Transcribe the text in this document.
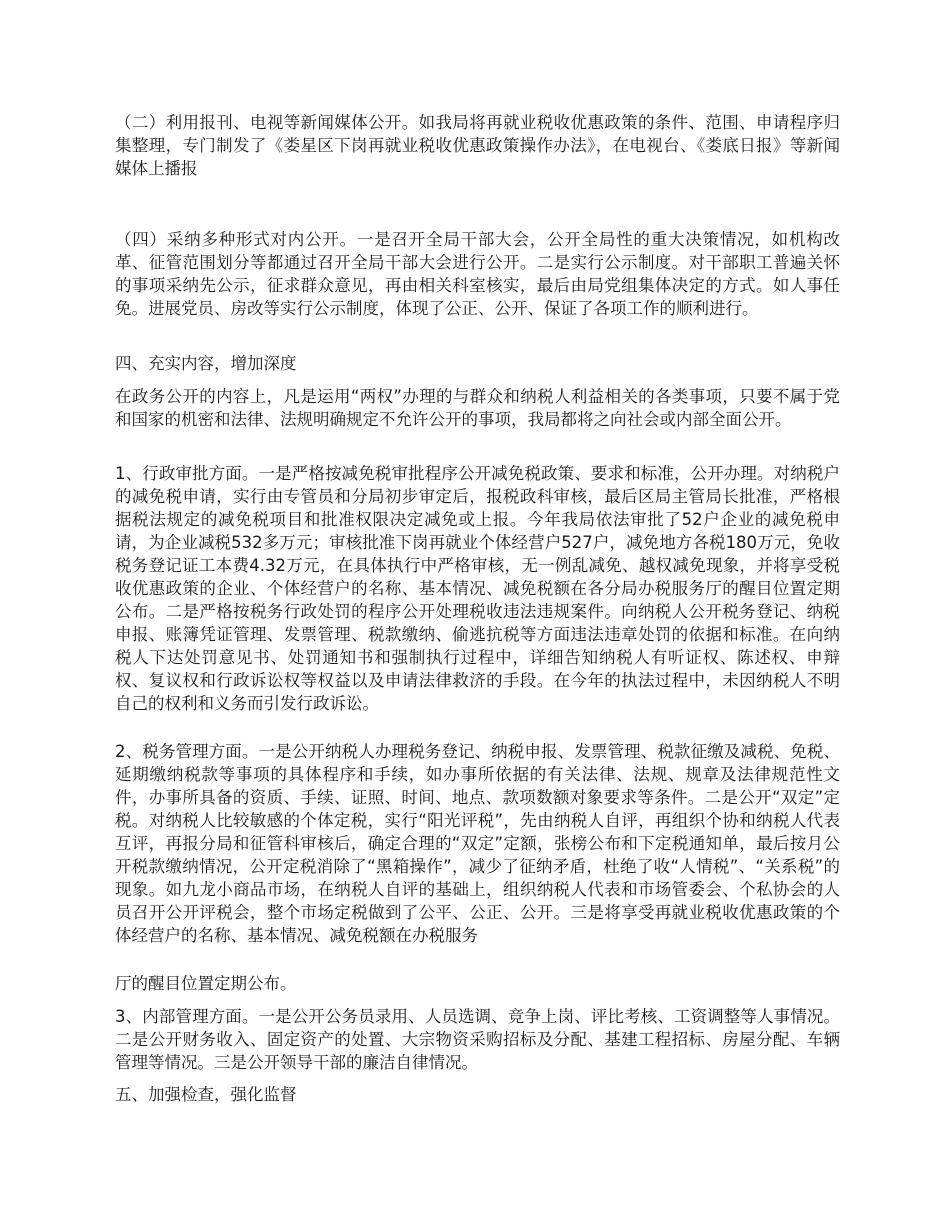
（二）利用报刊、电视等新闻媒体公开。如我局将再就业税收优惠政策的条件、范围、申请程序归集整理，专门制发了《娄星区下岗再就业税收优惠政策操作办法》，在电视台、《娄底日报》等新闻媒体上播报

（四）采纳多种形式对内公开。一是召开全局干部大会，公开全局性的重大决策情况，如机构改革、征管范围划分等都通过召开全局干部大会进行公开。二是实行公示制度。对干部职工普遍关怀的事项采纳先公示，征求群众意见，再由相关科室核实，最后由局党组集体决定的方式。如人事任免。进展党员、房改等实行公示制度，体现了公正、公开、保证了各项工作的顺利进行。

四、充实内容，增加深度

在政务公开的内容上，凡是运用“两权”办理的与群众和纳税人利益相关的各类事项，只要不属于党和国家的机密和法律、法规明确规定不允许公开的事项，我局都将之向社会或内部全面公开。

1、行政审批方面。一是严格按减免税审批程序公开减免税政策、要求和标准，公开办理。对纳税户的减免税申请，实行由专管员和分局初步审定后，报税政科审核，最后区局主管局长批准，严格根据税法规定的减免税项目和批准权限决定减免或上报。今年我局依法审批了52户企业的减免税申请，为企业减税532多万元；审核批准下岗再就业个体经营户527户，减免地方各税180万元，免收税务登记证工本费4.32万元，在具体执行中严格审核，无一例乱减免、越权减免现象，并将享受税收优惠政策的企业、个体经营户的名称、基本情况、减免税额在各分局办税服务厅的醒目位置定期公布。二是严格按税务行政处罚的程序公开处理税收违法违规案件。向纳税人公开税务登记、纳税申报、账簿凭证管理、发票管理、税款缴纳、偷逃抗税等方面违法违章处罚的依据和标准。在向纳税人下达处罚意见书、处罚通知书和强制执行过程中，详细告知纳税人有听证权、陈述权、申辩权、复议权和行政诉讼权等权益以及申请法律救济的手段。在今年的执法过程中，未因纳税人不明自己的权利和义务而引发行政诉讼。

2、税务管理方面。一是公开纳税人办理税务登记、纳税申报、发票管理、税款征缴及减税、免税、延期缴纳税款等事项的具体程序和手续，如办事所依据的有关法律、法规、规章及法律规范性文件，办事所具备的资质、手续、证照、时间、地点、款项数额对象要求等条件。二是公开“双定”定税。对纳税人比较敏感的个体定税，实行“阳光评税”，先由纳税人自评，再组织个协和纳税人代表互评，再报分局和征管科审核后，确定合理的“双定”定额，张榜公布和下定税通知单，最后按月公开税款缴纳情况，公开定税消除了“黑箱操作”，减少了征纳矛盾，杜绝了收“人情税”、“关系税”的现象。如九龙小商品市场，在纳税人自评的基础上，组织纳税人代表和市场管委会、个私协会的人员召开公开评税会，整个市场定税做到了公平、公正、公开。三是将享受再就业税收优惠政策的个体经营户的名称、基本情况、减免税额在办税服务

厅的醒目位置定期公布。

3、内部管理方面。一是公开公务员录用、人员选调、竞争上岗、评比考核、工资调整等人事情况。二是公开财务收入、固定资产的处置、大宗物资采购招标及分配、基建工程招标、房屋分配、车辆管理等情况。三是公开领导干部的廉洁自律情况。

五、加强检查，强化监督
